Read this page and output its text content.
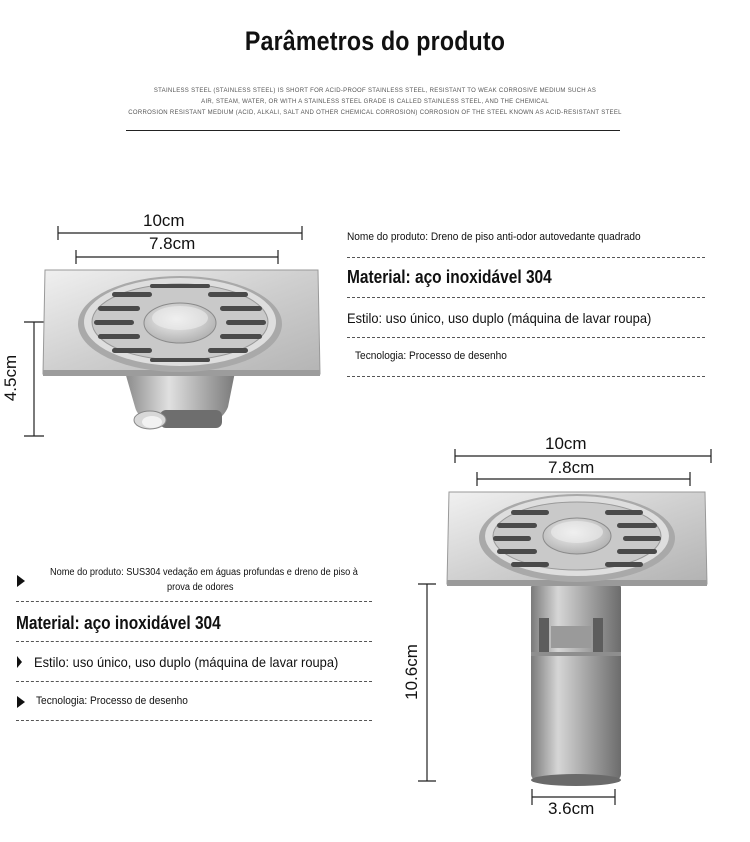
Parâmetros do produto
STAINLESS STEEL (STAINLESS STEEL) IS SHORT FOR ACID-PROOF STAINLESS STEEL, RESISTANT TO WEAK CORROSIVE MEDIUM SUCH AS
AIR, STEAM, WATER, OR WITH A STAINLESS STEEL GRADE IS CALLED STAINLESS STEEL, AND THE CHEMICAL
CORROSION RESISTANT MEDIUM (ACID, ALKALI, SALT AND OTHER CHEMICAL CORROSION) CORROSION OF THE STEEL KNOWN AS ACID-RESISTANT STEEL
10cm
7.8cm
4.5cm
Nome do produto: Dreno de piso anti-odor autovedante quadrado
Material: aço inoxidável 304
Estilo: uso único, uso duplo (máquina de lavar roupa)
Tecnologia: Processo de desenho
10cm
7.8cm
10.6cm
3.6cm
Nome do produto: SUS304 vedação em águas profundas e dreno de piso à
prova de odores
Material: aço inoxidável 304
Estilo: uso único, uso duplo (máquina de lavar roupa)
Tecnologia: Processo de desenho
